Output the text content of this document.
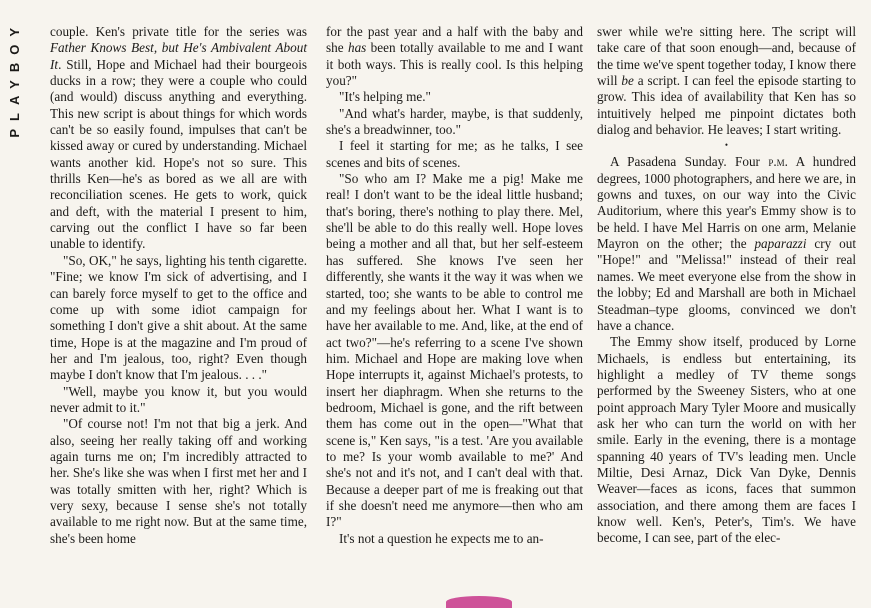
PLAYBOY couple. Ken's private title for the series was Father Knows Best, but He's Ambivalent About It. Still, Hope and Michael had their bourgeois ducks in a row; they were a couple who could (and would) discuss anything and everything. This new script is about things for which words can't be so easily found, impulses that can't be kissed away or cured by understanding. Michael wants another kid. Hope's not so sure. This thrills Ken—he's as bored as we all are with reconciliation scenes. He gets to work, quick and deft, with the material I present to him, carving out the conflict I have so far been unable to identify.

"So, OK," he says, lighting his tenth cigarette. "Fine; we know I'm sick of advertising, and I can barely force myself to get to the office and come up with some idiot campaign for something I don't give a shit about. At the same time, Hope is at the magazine and I'm proud of her and I'm jealous, too, right? Even though maybe I don't know that I'm jealous. . . ."

"Well, maybe you know it, but you would never admit to it."

"Of course not! I'm not that big a jerk. And also, seeing her really taking off and working again turns me on; I'm incredibly attracted to her. She's like she was when I first met her and I was totally smitten with her, right? Which is very sexy, because I sense she's not totally available to me right now. But at the same time, she's been home

for the past year and a half with the baby and she has been totally available to me and I want it both ways. This is really cool. Is this helping you?"

"It's helping me."

"And what's harder, maybe, is that suddenly, she's a breadwinner, too."

I feel it starting for me; as he talks, I see scenes and bits of scenes.

"So who am I? Make me a pig! Make me real! I don't want to be the ideal little husband; that's boring, there's nothing to play there. Mel, she'll be able to do this really well. Hope loves being a mother and all that, but her self-esteem has suffered. She knows I've seen her differently, she wants it the way it was when we started, too; she wants to be able to control me and my feelings about her. What I want is to have her available to me. And, like, at the end of act two?"—he's referring to a scene I've shown him. Michael and Hope are making love when Hope interrupts it, against Michael's protests, to insert her diaphragm. When she returns to the bedroom, Michael is gone, and the rift between them has come out in the open—"What that scene is," Ken says, "is a test. 'Are you available to me? Is your womb available to me?' And she's not and it's not, and I can't deal with that. Because a deeper part of me is freaking out that if she doesn't need me anymore—then who am I?"

It's not a question he expects me to an-

swer while we're sitting here. The script will take care of that soon enough—and, because of the time we've spent together today, I know there will be a script. I can feel the episode starting to grow. This idea of availability that Ken has so intuitively helped me pinpoint dictates both dialog and behavior. He leaves; I start writing.

•

A Pasadena Sunday. Four p.m. A hundred degrees, 1000 photographers, and here we are, in gowns and tuxes, on our way into the Civic Auditorium, where this year's Emmy show is to be held. I have Mel Harris on one arm, Melanie Mayron on the other; the paparazzi cry out "Hope!" and "Melissa!" instead of their real names. We meet everyone else from the show in the lobby; Ed and Marshall are both in Michael Steadman–type glooms, convinced we don't have a chance.

The Emmy show itself, produced by Lorne Michaels, is endless but entertaining, its highlight a medley of TV theme songs performed by the Sweeney Sisters, who at one point approach Mary Tyler Moore and musically ask her who can turn the world on with her smile. Early in the evening, there is a montage spanning 40 years of TV's leading men. Uncle Miltie, Desi Arnaz, Dick Van Dyke, Dennis Weaver—faces as icons, faces that summon association, and there among them are faces I know well. Ken's, Peter's, Tim's. We have become, I can see, part of the elec-
